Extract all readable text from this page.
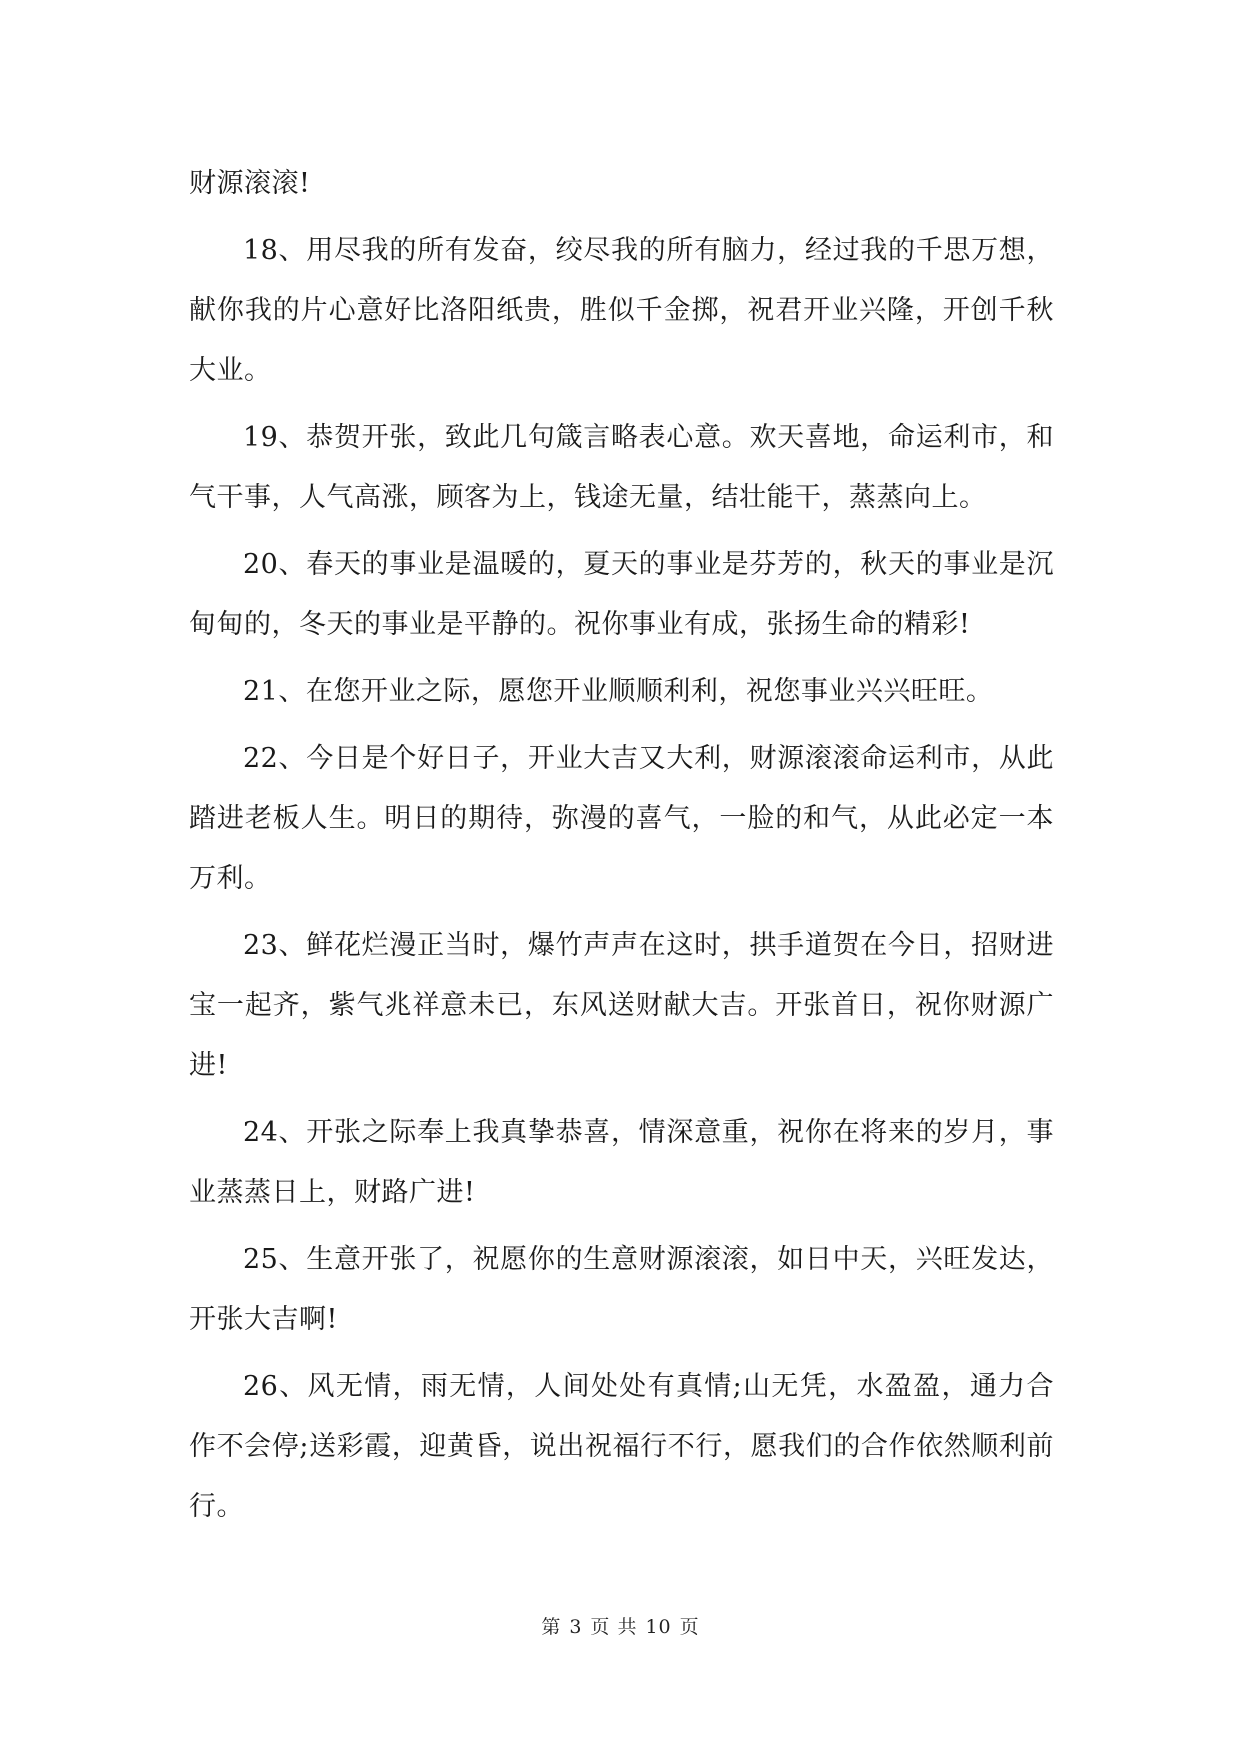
财源滚滚!

18、用尽我的所有发奋，绞尽我的所有脑力，经过我的千思万想，献你我的片心意好比洛阳纸贵，胜似千金掷，祝君开业兴隆，开创千秋大业。

19、恭贺开张，致此几句箴言略表心意。欢天喜地，命运利市，和气干事，人气高涨，顾客为上，钱途无量，结壮能干，蒸蒸向上。

20、春天的事业是温暖的，夏天的事业是芬芳的，秋天的事业是沉甸甸的，冬天的事业是平静的。祝你事业有成，张扬生命的精彩!

21、在您开业之际，愿您开业顺顺利利，祝您事业兴兴旺旺。

22、今日是个好日子，开业大吉又大利，财源滚滚命运利市，从此踏进老板人生。明日的期待，弥漫的喜气，一脸的和气，从此必定一本万利。

23、鲜花烂漫正当时，爆竹声声在这时，拱手道贺在今日，招财进宝一起齐，紫气兆祥意未已，东风送财献大吉。开张首日，祝你财源广进!

24、开张之际奉上我真挚恭喜，情深意重，祝你在将来的岁月，事业蒸蒸日上，财路广进!

25、生意开张了，祝愿你的生意财源滚滚，如日中天，兴旺发达，开张大吉啊!

26、风无情，雨无情，人间处处有真情;山无凭，水盈盈，通力合作不会停;送彩霞，迎黄昏，说出祝福行不行，愿我们的合作依然顺利前行。

第 3 页 共 10 页
